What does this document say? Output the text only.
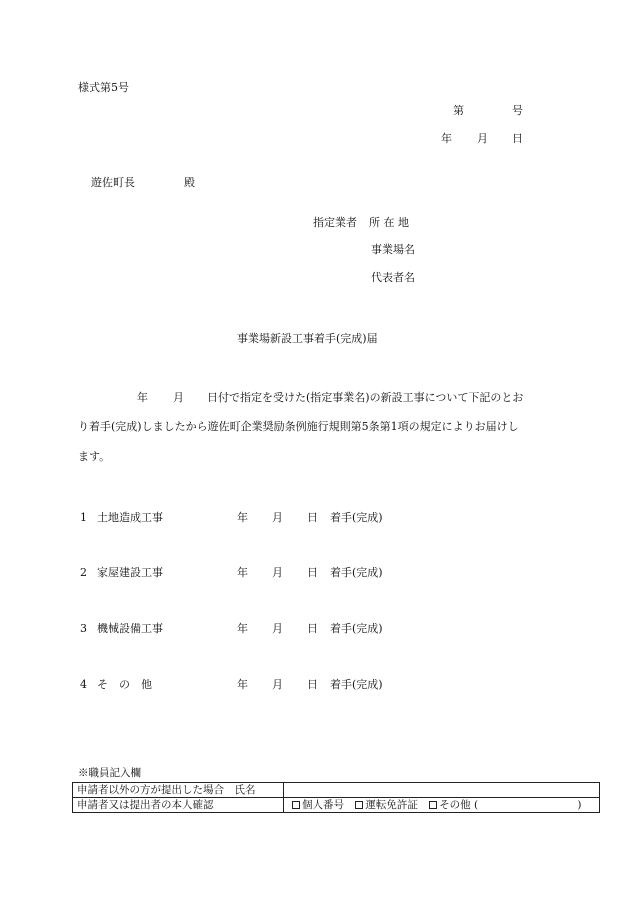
様式第5号
第	号
年 月 日
遊佐町長	殿
指定業者 所 在 地
事業場名
代表者名
事業場新設工事着手(完成)届
年 月 日付で指定を受けた(指定事業名)の新設工事について下記のとお
り着手(完成)しましたから遊佐町企業奨励条例施行規則第5条第1項の規定によりお届けし
ます。
1 土地造成工事	年 月 日 着手(完成)
2 家屋建設工事	年 月 日 着手(完成)
3 機械設備工事	年 月 日 着手(完成)
4 そ　の　他	年 月 日 着手(完成)
※職員記入欄
申請者以外の方が提出した場合　氏名	
申請者又は提出者の本人確認	個人番号 運転免許証 その他 ( )
